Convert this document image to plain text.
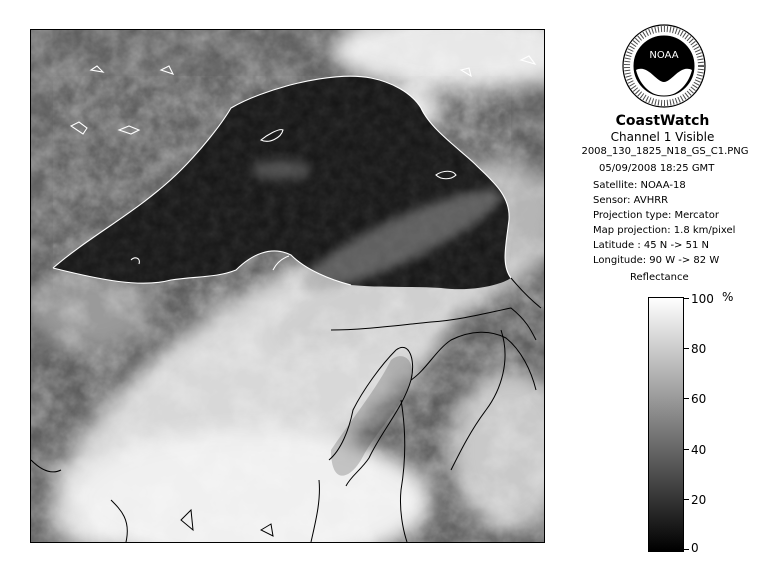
NOAA
CoastWatch
Channel 1 Visible
2008_130_1825_N18_GS_C1.PNG
05/09/2008 18:25 GMT
Satellite: NOAA-18
Sensor: AVHRR
Projection type: Mercator
Map projection: 1.8 km/pixel
Latitude : 45 N -> 51 N
Longitude: 90 W -> 82 W
Reflectance
100 %
80
60
40
20
0
